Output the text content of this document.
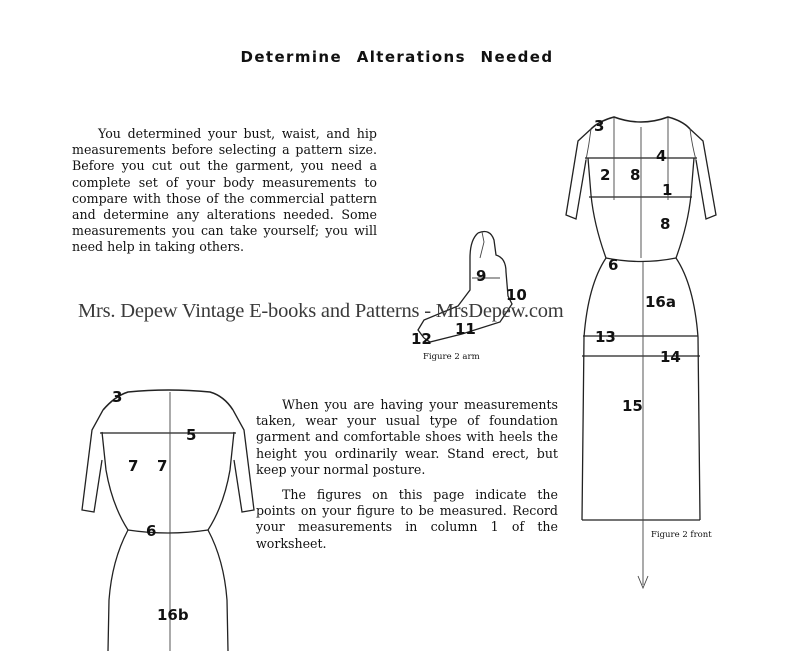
Determine Alterations Needed
You determined your bust, waist, and hip measurements before selecting a pattern size. Before you cut out the garment, you need a complete set of your body measurements to compare with those of the commercial pattern and determine any alterations needed. Some measurements you can take yourself; you will need help in taking others.
When you are having your measurements taken, wear your usual type of foundation garment and comfortable shoes with heels the height you ordinarily wear. Stand erect, but keep your normal posture.
The figures on this page indicate the points on your figure to be measured. Record your measurements in column 1 of the worksheet.
3
4
2 8
1
8
6
16a
13
14
15
9
10
11
12
3
5
7 7
6
16b
Figure 2 arm
Figure 2 front
Mrs. Depew Vintage E-books and Patterns - MrsDepew.com
